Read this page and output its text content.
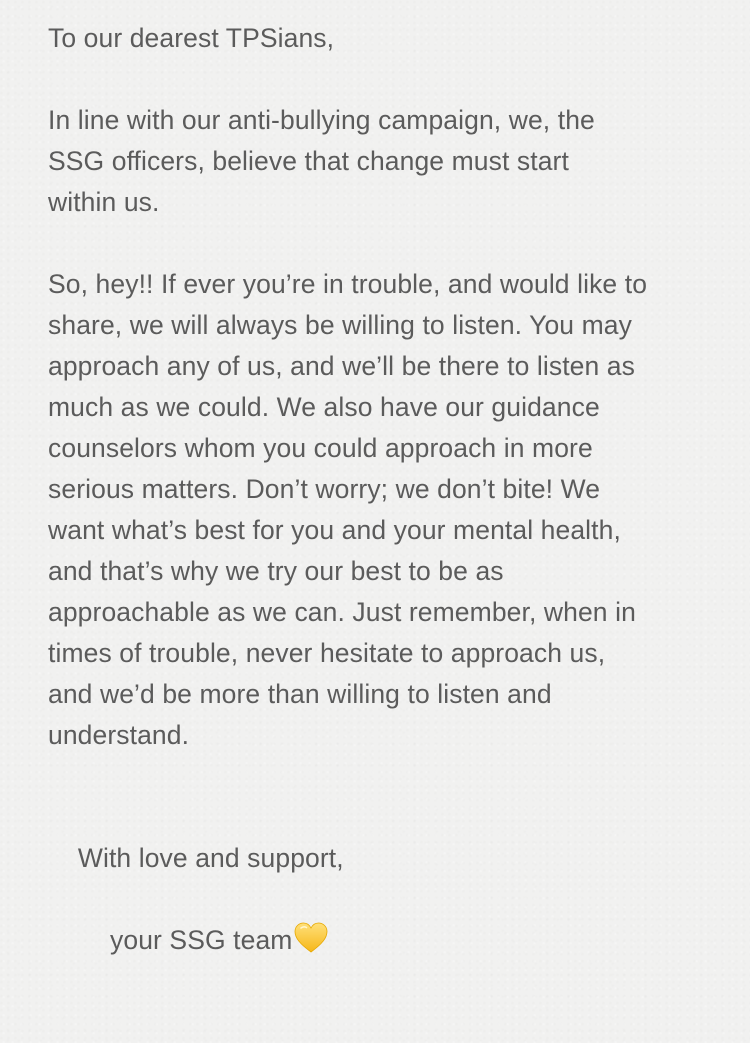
To our dearest TPSians,

In line with our anti-bullying campaign, we, the
SSG officers, believe that change must start
within us.

So, hey!! If ever you’re in trouble, and would like to
share, we will always be willing to listen. You may
approach any of us, and we’ll be there to listen as
much as we could. We also have our guidance
counselors whom you could approach in more
serious matters. Don’t worry; we don’t bite! We
want what’s best for you and your mental health,
and that’s why we try our best to be as
approachable as we can. Just remember, when in
times of trouble, never hesitate to approach us,
and we’d be more than willing to listen and
understand.

With love and support,

your SSG team
